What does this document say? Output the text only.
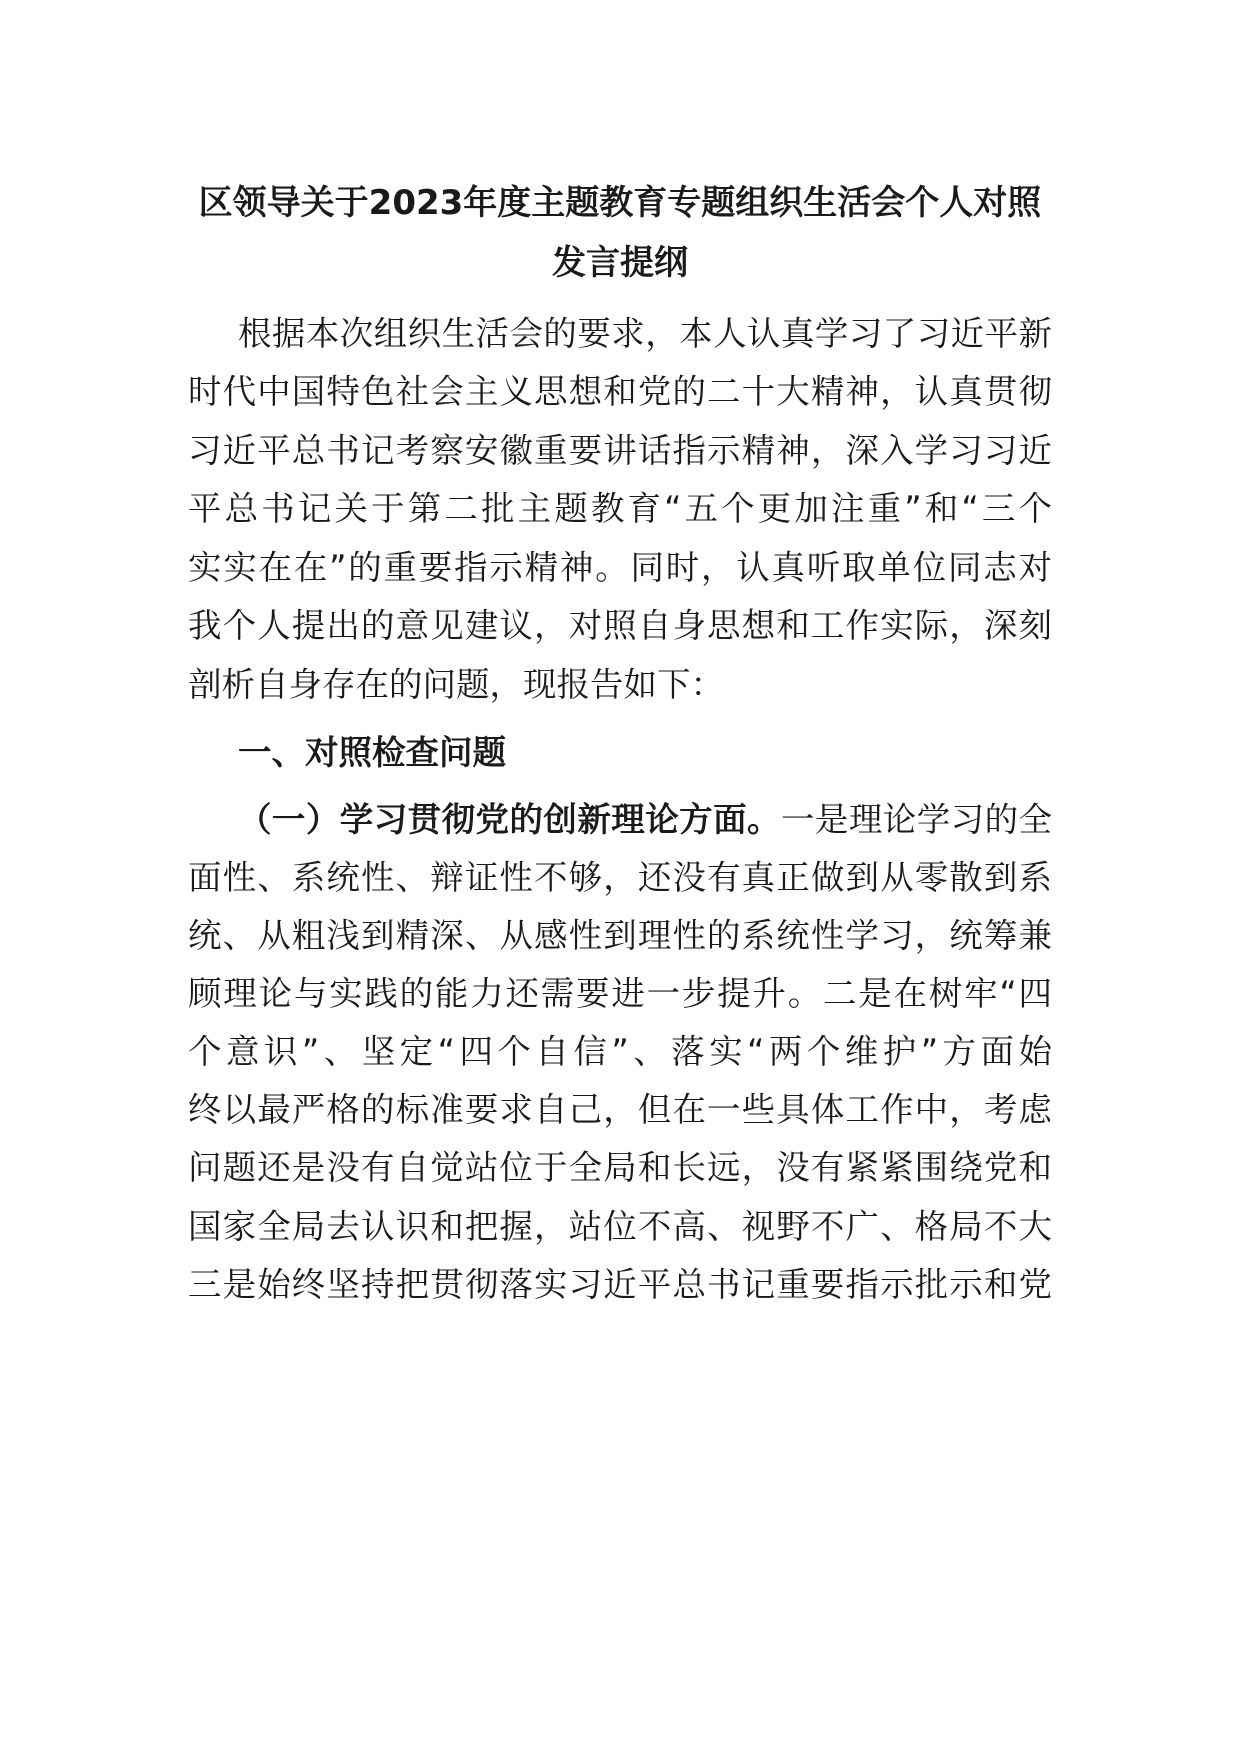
区领导关于2023年度主题教育专题组织生活会个人对照
发言提纲
根据本次组织生活会的要求，本人认真学习了习近平新
时代中国特色社会主义思想和党的二十大精神，认真贯彻
习近平总书记考察安徽重要讲话指示精神，深入学习习近
平总书记关于第二批主题教育“五个更加注重”和“三个
实实在在”的重要指示精神。同时，认真听取单位同志对
我个人提出的意见建议，对照自身思想和工作实际，深刻
剖析自身存在的问题，现报告如下：
一、对照检查问题
（一）学习贯彻党的创新理论方面。一是理论学习的全
面性、系统性、辩证性不够，还没有真正做到从零散到系
统、从粗浅到精深、从感性到理性的系统性学习，统筹兼
顾理论与实践的能力还需要进一步提升。二是在树牢“四
个意识”、坚定“四个自信”、落实“两个维护”方面始
终以最严格的标准要求自己，但在一些具体工作中，考虑
问题还是没有自觉站位于全局和长远，没有紧紧围绕党和
国家全局去认识和把握，站位不高、视野不广、格局不大
三是始终坚持把贯彻落实习近平总书记重要指示批示和党
